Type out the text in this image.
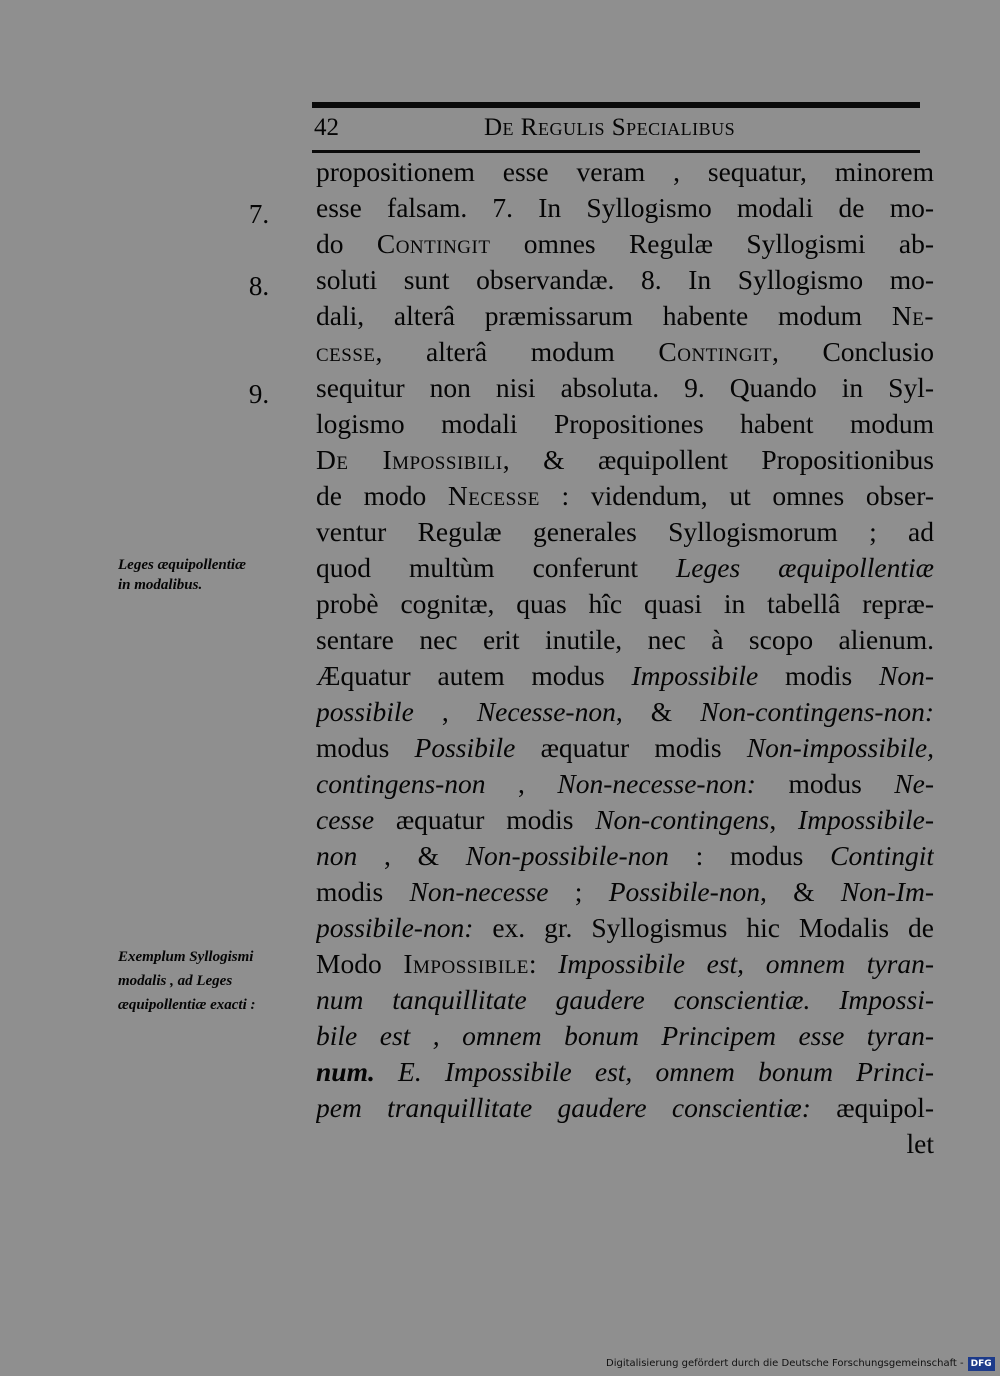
42	De Regulis Specialibus
7.
8.
9.
Leges æquipollentiæ
in modalibus.
Exemplum Syllogismi
modalis , ad Leges
æquipollentiæ exacti :
propositionem esse veram , sequatur, minorem
esse falsam. 7. In Syllogismo modali de mo-
do Contingit omnes Regulæ Syllogismi ab-
soluti sunt observandæ. 8. In Syllogismo mo-
dali, alterâ præmissarum habente modum Ne-
cesse, alterâ modum Contingit, Conclusio
sequitur non nisi absoluta. 9. Quando in Syl-
logismo modali Propositiones habent modum
De Impossibili, & æquipollent Propositionibus
de modo Necesse : videndum, ut omnes obser-
ventur Regulæ generales Syllogismorum ; ad
quod multùm conferunt Leges æquipollentiæ
probè cognitæ, quas hîc quasi in tabellâ repræ-
sentare nec erit inutile, nec à scopo alienum.
Æquatur autem modus Impossibile modis Non-
possibile , Necesse-non, & Non-contingens-non:
modus Possibile æquatur modis Non-impossibile,
contingens-non , Non-necesse-non: modus Ne-
cesse æquatur modis Non-contingens, Impossibile-
non , & Non-possibile-non : modus Contingit
modis Non-necesse ; Possibile-non, & Non-Im-
possibile-non: ex. gr. Syllogismus hic Modalis de
Modo Impossibile: Impossibile est, omnem tyran-
num tanquillitate gaudere conscientiæ. Impossi-
bile est , omnem bonum Principem esse tyran-
num. E. Impossibile est, omnem bonum Princi-
pem tranquillitate gaudere conscientiæ: æquipol-
let
Digitalisierung gefördert durch die Deutsche Forschungsgemeinschaft - DFG
